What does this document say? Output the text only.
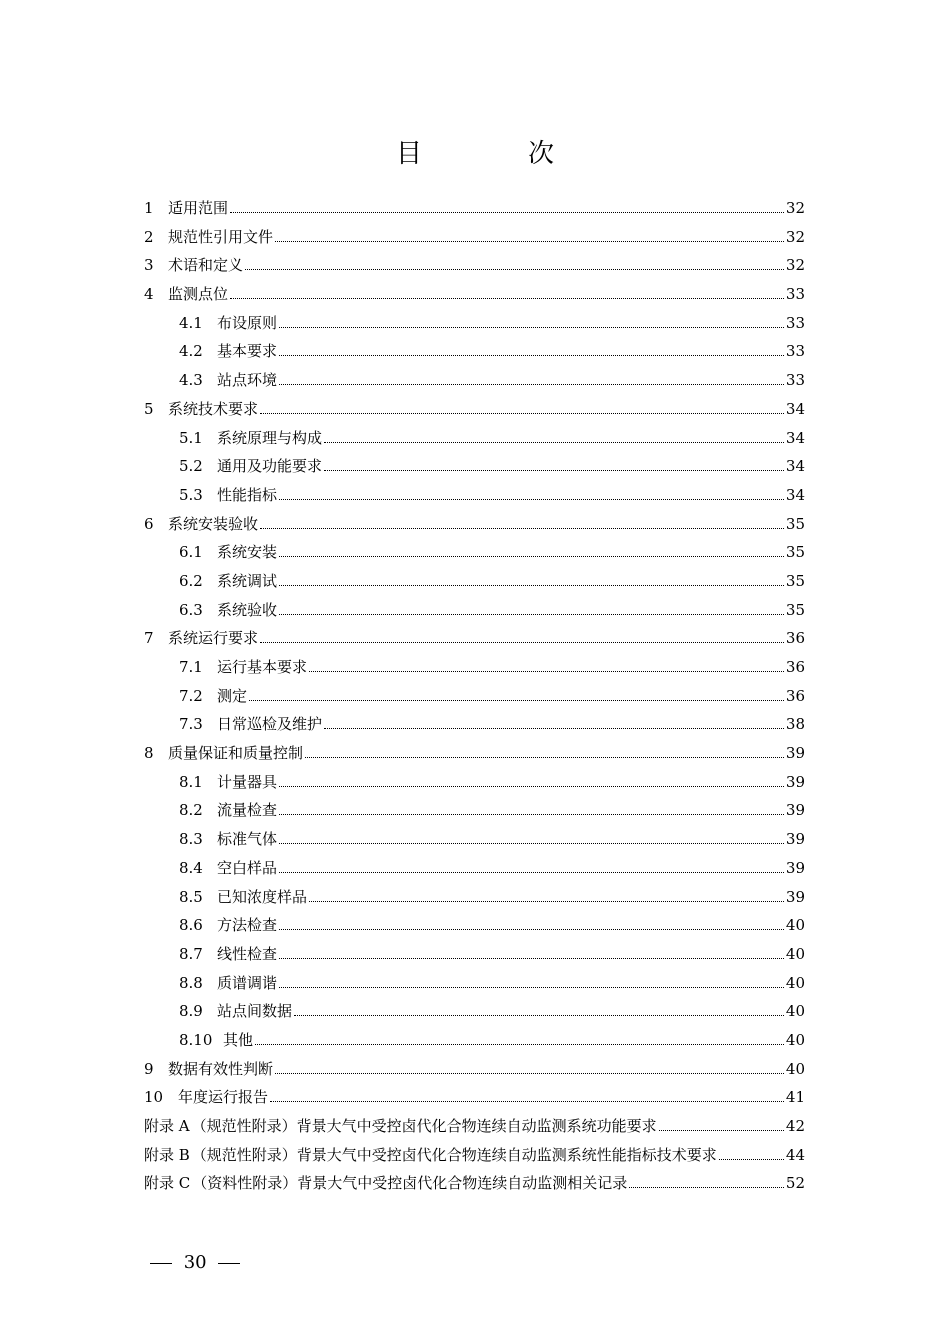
目　次
1 适用范围	32
2 规范性引用文件	32
3 术语和定义	32
4 监测点位	33
4.1 布设原则	33
4.2 基本要求	33
4.3 站点环境	33
5 系统技术要求	34
5.1 系统原理与构成	34
5.2 通用及功能要求	34
5.3 性能指标	34
6 系统安装验收	35
6.1 系统安装	35
6.2 系统调试	35
6.3 系统验收	35
7 系统运行要求	36
7.1 运行基本要求	36
7.2 测定	36
7.3 日常巡检及维护	38
8 质量保证和质量控制	39
8.1 计量器具	39
8.2 流量检查	39
8.3 标准气体	39
8.4 空白样品	39
8.5 已知浓度样品	39
8.6 方法检查	40
8.7 线性检查	40
8.8 质谱调谐	40
8.9 站点间数据	40
8.10 其他	40
9 数据有效性判断	40
10 年度运行报告	41
附录 A （规范性附录）背景大气中受控卤代化合物连续自动监测系统功能要求	42
附录 B （规范性附录）背景大气中受控卤代化合物连续自动监测系统性能指标技术要求	44
附录 C （资料性附录）背景大气中受控卤代化合物连续自动监测相关记录	52
30
